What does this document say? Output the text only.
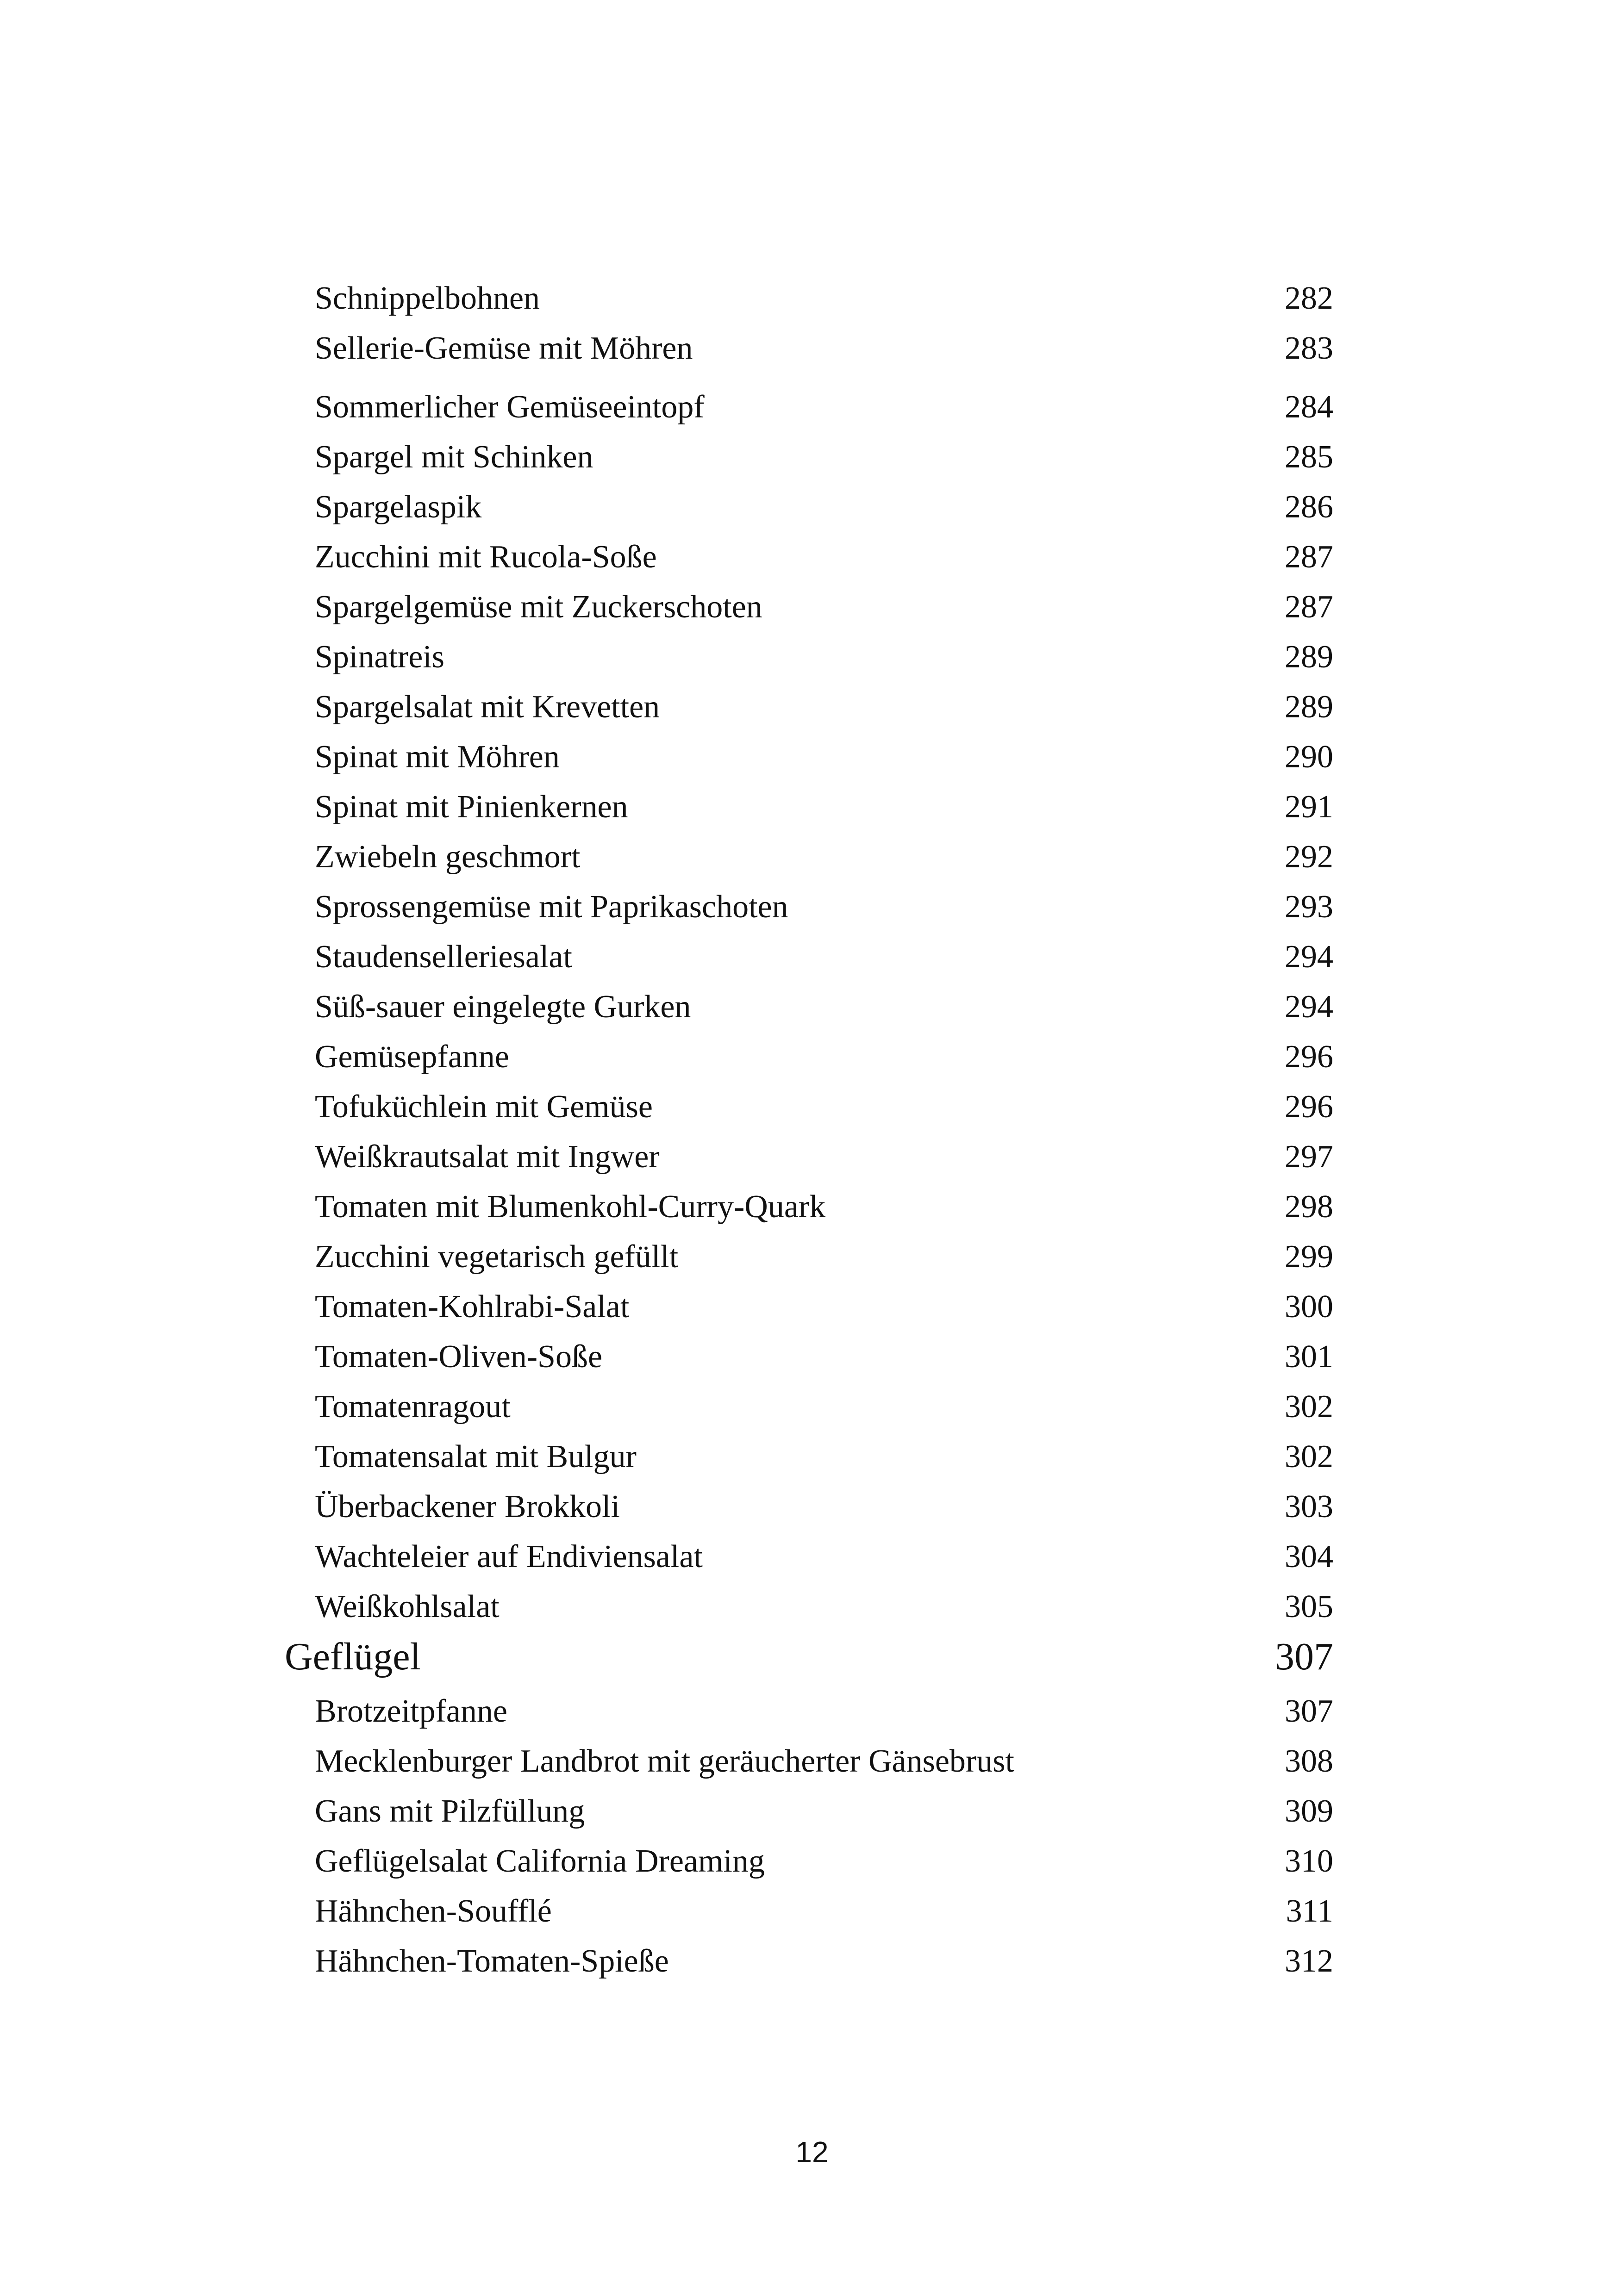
Schnippelbohnen	282
Sellerie-Gemüse mit Möhren	283
Sommerlicher Gemüseeintopf	284
Spargel mit Schinken	285
Spargelaspik	286
Zucchini mit Rucola-Soße	287
Spargelgemüse mit Zuckerschoten	287
Spinatreis	289
Spargelsalat mit Krevetten	289
Spinat mit Möhren	290
Spinat mit Pinienkernen	291
Zwiebeln geschmort	292
Sprossengemüse mit Paprikaschoten	293
Staudenselleriesalat	294
Süß-sauer eingelegte Gurken	294
Gemüsepfanne	296
Tofuküchlein mit Gemüse	296
Weißkrautsalat mit Ingwer	297
Tomaten mit Blumenkohl-Curry-Quark	298
Zucchini vegetarisch gefüllt	299
Tomaten-Kohlrabi-Salat	300
Tomaten-Oliven-Soße	301
Tomatenragout	302
Tomatensalat mit Bulgur	302
Überbackener Brokkoli	303
Wachteleier auf Endiviensalat	304
Weißkohlsalat	305
Geflügel	307
Brotzeitpfanne	307
Mecklenburger Landbrot mit geräucherter Gänsebrust	308
Gans mit Pilzfüllung	309
Geflügelsalat California Dreaming	310
Hähnchen-Soufflé	311
Hähnchen-Tomaten-Spieße	312
12
